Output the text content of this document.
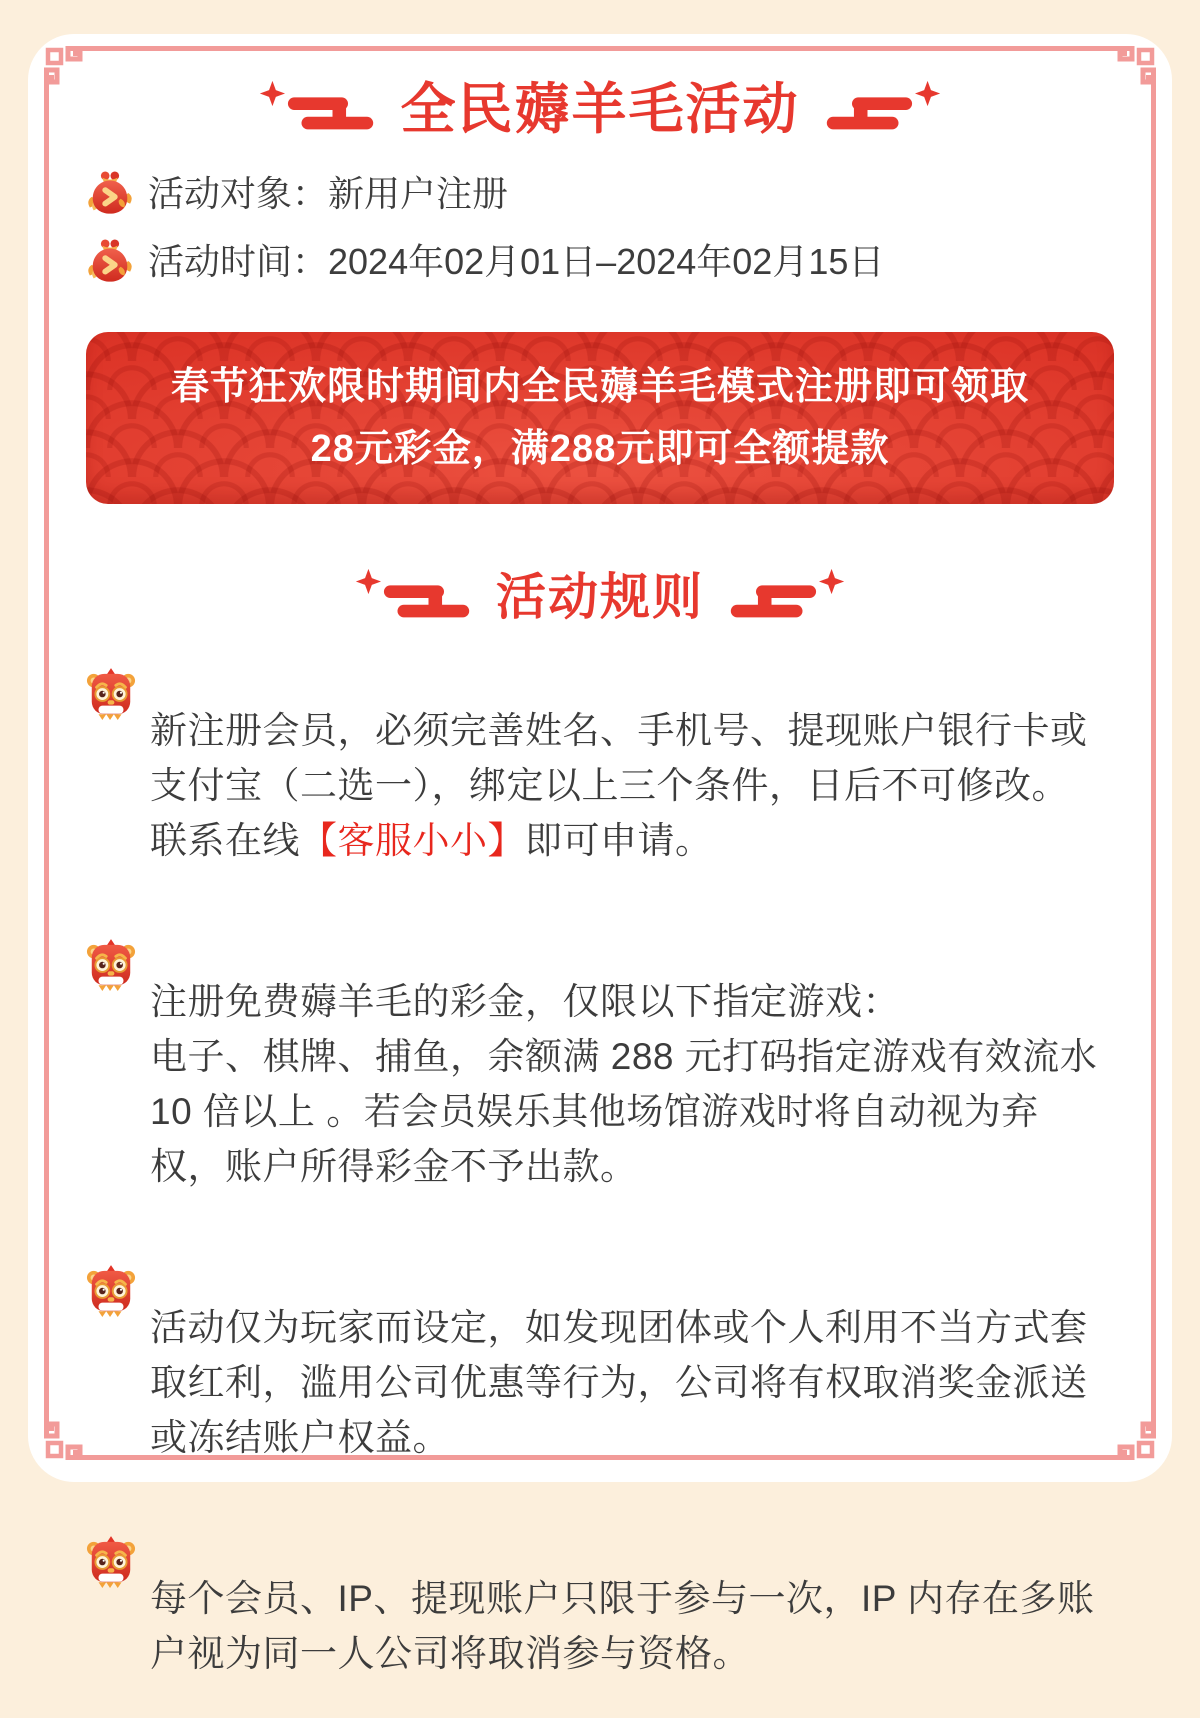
全民薅羊毛活动
活动对象：新用户注册
活动时间：2024年02月01日–2024年02月15日
春节狂欢限时期间内全民薅羊毛模式注册即可领取
28元彩金，满288元即可全额提款
活动规则

新注册会员，必须完善姓名、手机号、提现账户银行卡或支付宝（二选一），绑定以上三个条件，日后不可修改。联系在线【客服小小】即可申请。

注册免费薅羊毛的彩金，仅限以下指定游戏：
电子、棋牌、捕鱼，余额满 288 元打码指定游戏有效流水 10 倍以上 。若会员娱乐其他场馆游戏时将自动视为弃权，账户所得彩金不予出款。

活动仅为玩家而设定，如发现团体或个人利用不当方式套取红利，滥用公司优惠等行为，公司将有权取消奖金派送或冻结账户权益。

每个会员、IP、提现账户只限于参与一次，IP 内存在多账户视为同一人公司将取消参与资格。
